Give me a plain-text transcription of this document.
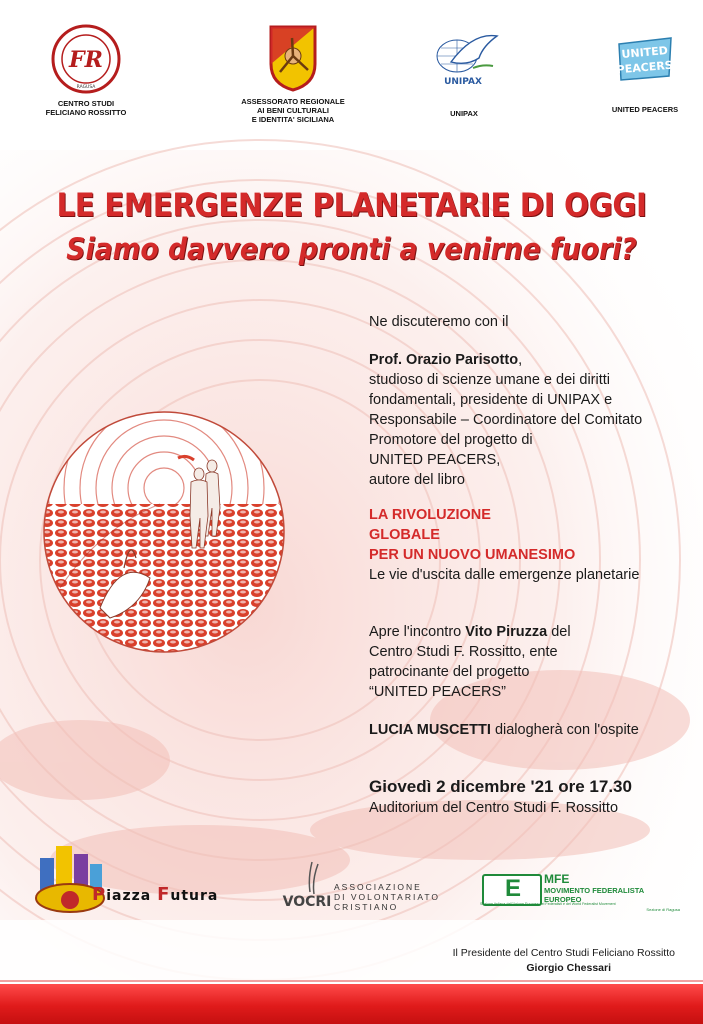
FR
RAGUSA
CENTRO STUDI
FELICIANO ROSSITTO
ASSESSORATO REGIONALE
AI BENI CULTURALI
E IDENTITA' SICILIANA
UNIPAX
UNIPAX
UNITED
PEACERS
UNITED PEACERS
LE EMERGENZE PLANETARIE DI OGGI
Siamo davvero pronti a venirne fuori?
Ne discuteremo con il
Prof. Orazio Parisotto,
studioso di scienze umane e dei diritti
fondamentali, presidente di UNIPAX e
Responsabile – Coordinatore del Comitato
Promotore del progetto di
UNITED PEACERS,
autore del libro
LA RIVOLUZIONE
GLOBALE
PER UN NUOVO UMANESIMO
Le vie d'uscita dalle emergenze planetarie
Apre l'incontro Vito Piruzza del
Centro Studi F. Rossitto, ente
patrocinante del progetto
“UNITED PEACERS”
LUCIA MUSCETTI dialogherà con l'ospite
Giovedì 2 dicembre '21 ore 17.30
Auditorium del Centro Studi F. Rossitto
Piazza Futura	VOCRI
ASSOCIAZIONE
DI VOLONTARIATO
CRISTIANO
E MFE
MOVIMENTO FEDERALISTA EUROPEO
Sezione italiana dell'Unione Europea dei Federalisti e del World Federalist Movement
Sezione di Ragusa
Il Presidente del Centro Studi Feliciano Rossitto
Giorgio Chessari
